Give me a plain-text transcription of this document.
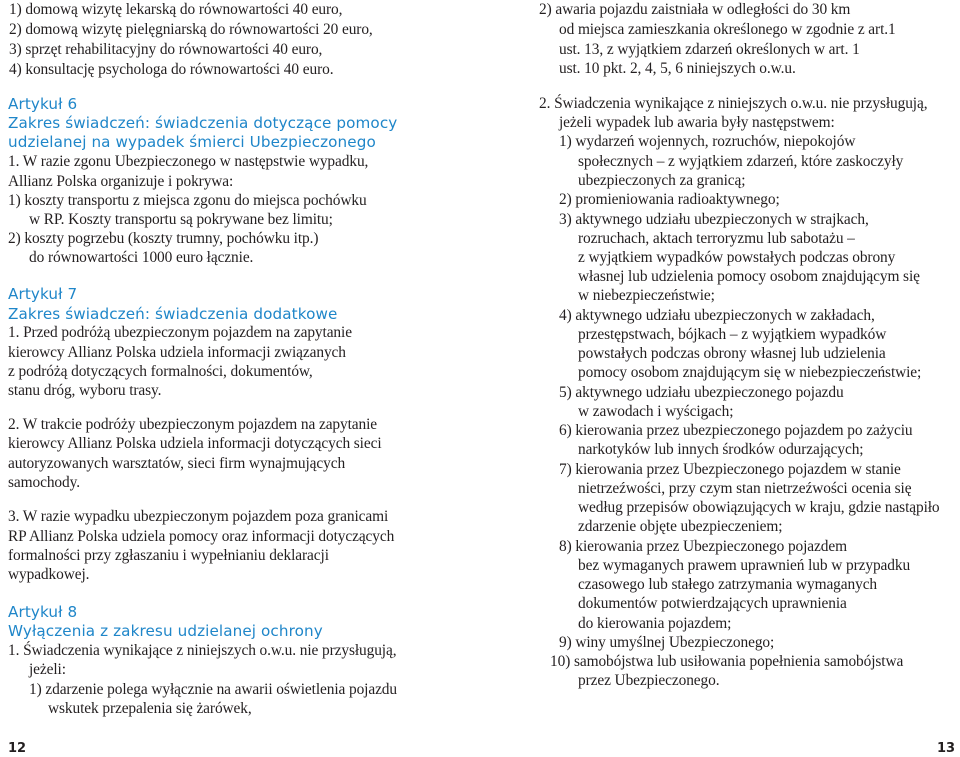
1) domową wizytę lekarską do równowartości 40 euro,
2) domową wizytę pielęgniarską do równowartości 20 euro,
3) sprzęt rehabilitacyjny do równowartości 40 euro,
4) konsultację psychologa do równowartości 40 euro.
Artykuł 6
Zakres świadczeń: świadczenia dotyczące pomocy
udzielanej na wypadek śmierci Ubezpieczonego
1. W razie zgonu Ubezpieczonego w następstwie wypadku,
Allianz Polska organizuje i pokrywa:
1) koszty transportu z miejsca zgonu do miejsca pochówku
w RP. Koszty transportu są pokrywane bez limitu;
2) koszty pogrzebu (koszty trumny, pochówku itp.)
do równowartości 1000 euro łącznie.
Artykuł 7
Zakres świadczeń: świadczenia dodatkowe
1. Przed podróżą ubezpieczonym pojazdem na zapytanie
kierowcy Allianz Polska udziela informacji związanych
z podróżą dotyczących formalności, dokumentów,
stanu dróg, wyboru trasy.
2. W trakcie podróży ubezpieczonym pojazdem na zapytanie
kierowcy Allianz Polska udziela informacji dotyczących sieci
autoryzowanych warsztatów, sieci firm wynajmujących
samochody.
3. W razie wypadku ubezpieczonym pojazdem poza granicami
RP Allianz Polska udziela pomocy oraz informacji dotyczących
formalności przy zgłaszaniu i wypełnianiu deklaracji
wypadkowej.
Artykuł 8
Wyłączenia z zakresu udzielanej ochrony
1. Świadczenia wynikające z niniejszych o.w.u. nie przysługują,
jeżeli:
1) zdarzenie polega wyłącznie na awarii oświetlenia pojazdu
wskutek przepalenia się żarówek,
2) awaria pojazdu zaistniała w odległości do 30 km
od miejsca zamieszkania określonego w zgodnie z art.1
ust. 13, z wyjątkiem zdarzeń określonych w art. 1
ust. 10 pkt. 2, 4, 5, 6 niniejszych o.w.u.
2. Świadczenia wynikające z niniejszych o.w.u. nie przysługują,
jeżeli wypadek lub awaria były następstwem:
1) wydarzeń wojennych, rozruchów, niepokojów
społecznych – z wyjątkiem zdarzeń, które zaskoczyły
ubezpieczonych za granicą;
2) promieniowania radioaktywnego;
3) aktywnego udziału ubezpieczonych w strajkach,
rozruchach, aktach terroryzmu lub sabotażu –
z wyjątkiem wypadków powstałych podczas obrony
własnej lub udzielenia pomocy osobom znajdującym się
w niebezpieczeństwie;
4) aktywnego udziału ubezpieczonych w zakładach,
przestępstwach, bójkach – z wyjątkiem wypadków
powstałych podczas obrony własnej lub udzielenia
pomocy osobom znajdującym się w niebezpieczeństwie;
5) aktywnego udziału ubezpieczonego pojazdu
w zawodach i wyścigach;
6) kierowania przez ubezpieczonego pojazdem po zażyciu
narkotyków lub innych środków odurzających;
7) kierowania przez Ubezpieczonego pojazdem w stanie
nietrzeźwości, przy czym stan nietrzeźwości ocenia się
według przepisów obowiązujących w kraju, gdzie nastąpiło
zdarzenie objęte ubezpieczeniem;
8) kierowania przez Ubezpieczonego pojazdem
bez wymaganych prawem uprawnień lub w przypadku
czasowego lub stałego zatrzymania wymaganych
dokumentów potwierdzających uprawnienia
do kierowania pojazdem;
9) winy umyślnej Ubezpieczonego;
10) samobójstwa lub usiłowania popełnienia samobójstwa
przez Ubezpieczonego.
12	13
